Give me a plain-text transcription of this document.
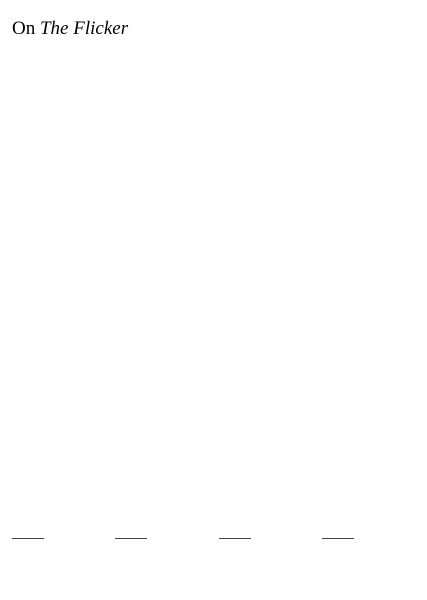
On The Flicker
